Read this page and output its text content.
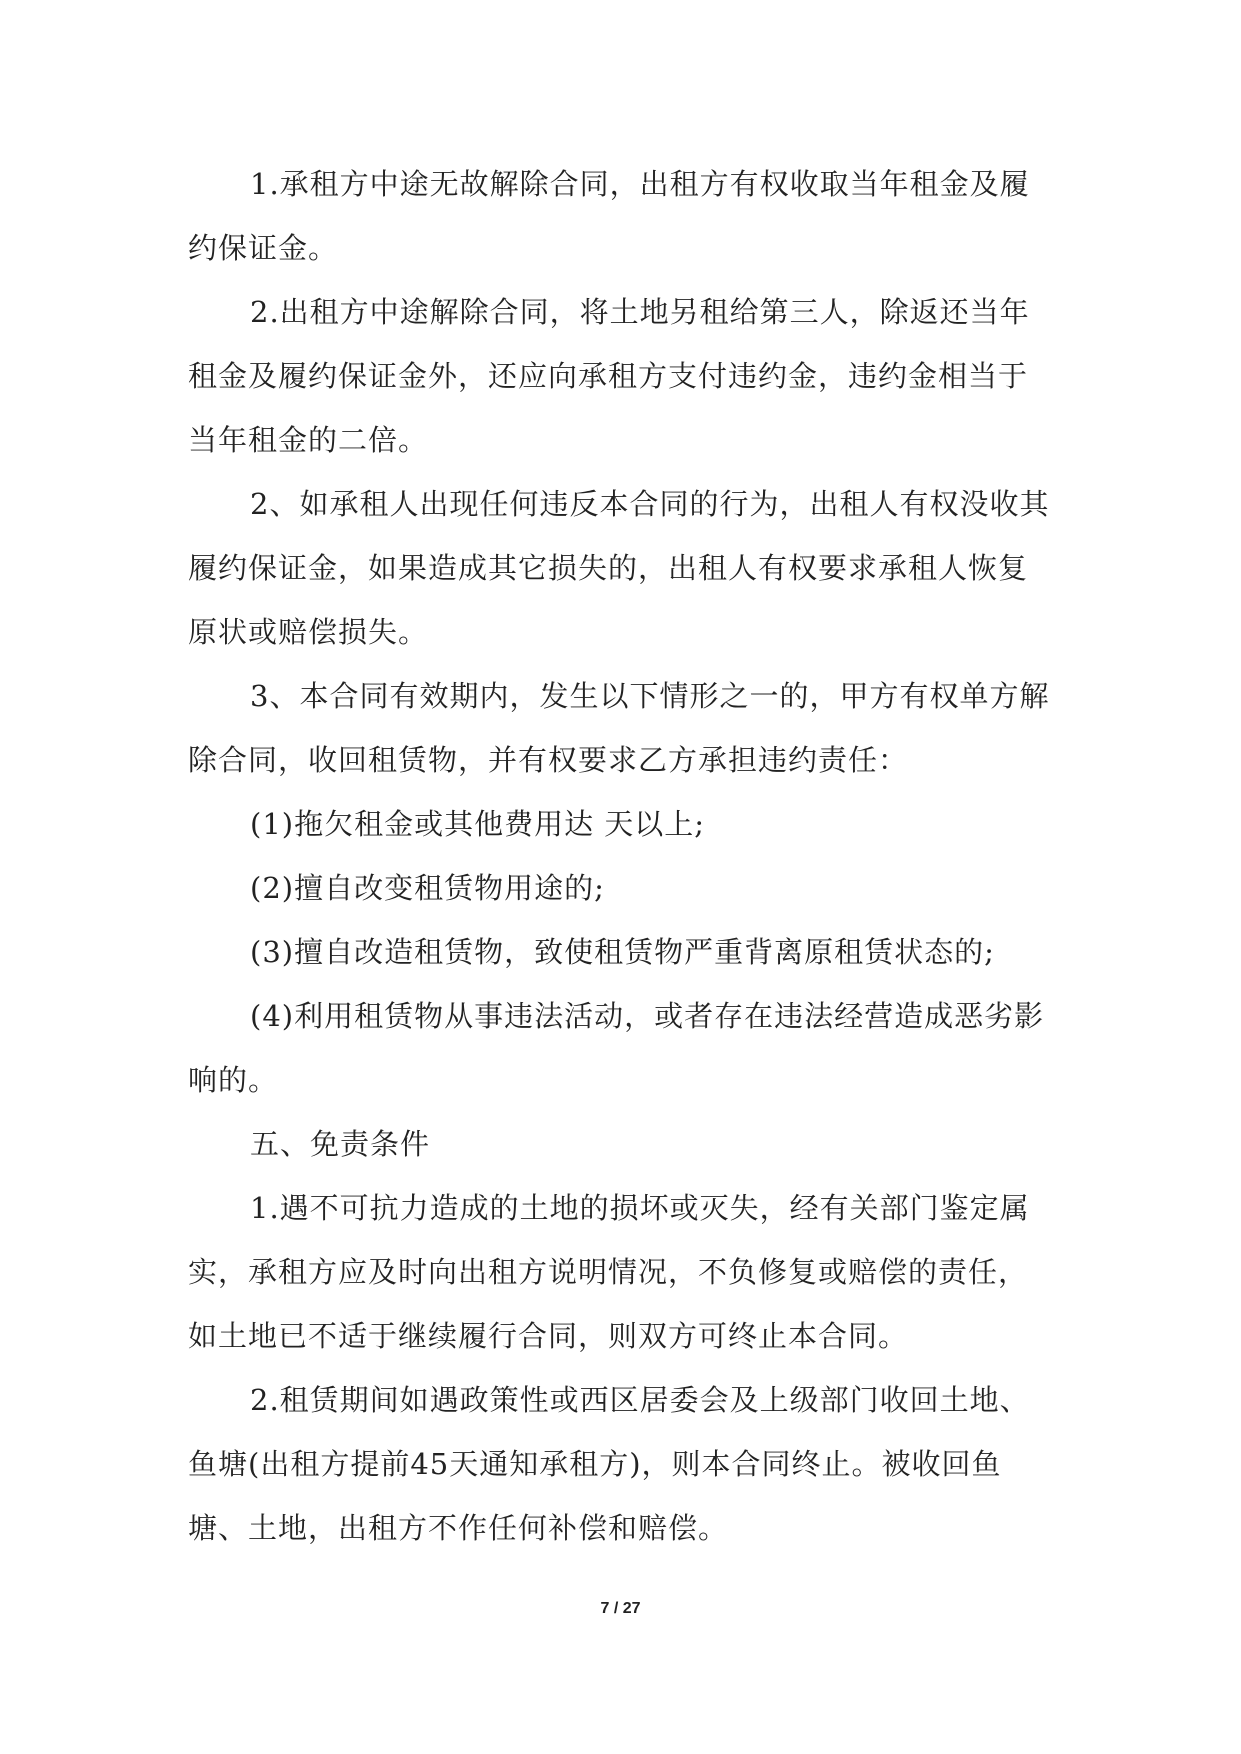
1.承租方中途无故解除合同，出租方有权收取当年租金及履约保证金。

2.出租方中途解除合同，将土地另租给第三人，除返还当年租金及履约保证金外，还应向承租方支付违约金，违约金相当于当年租金的二倍。

2、如承租人出现任何违反本合同的行为，出租人有权没收其履约保证金，如果造成其它损失的，出租人有权要求承租人恢复原状或赔偿损失。

3、本合同有效期内，发生以下情形之一的，甲方有权单方解除合同，收回租赁物，并有权要求乙方承担违约责任：

(1)拖欠租金或其他费用达 天以上;

(2)擅自改变租赁物用途的;

(3)擅自改造租赁物，致使租赁物严重背离原租赁状态的;

(4)利用租赁物从事违法活动，或者存在违法经营造成恶劣影响的。

五、免责条件

1.遇不可抗力造成的土地的损坏或灭失，经有关部门鉴定属实，承租方应及时向出租方说明情况，不负修复或赔偿的责任，如土地已不适于继续履行合同，则双方可终止本合同。

2.租赁期间如遇政策性或西区居委会及上级部门收回土地、鱼塘(出租方提前45天通知承租方)，则本合同终止。被收回鱼塘、土地，出租方不作任何补偿和赔偿。

7 / 27
